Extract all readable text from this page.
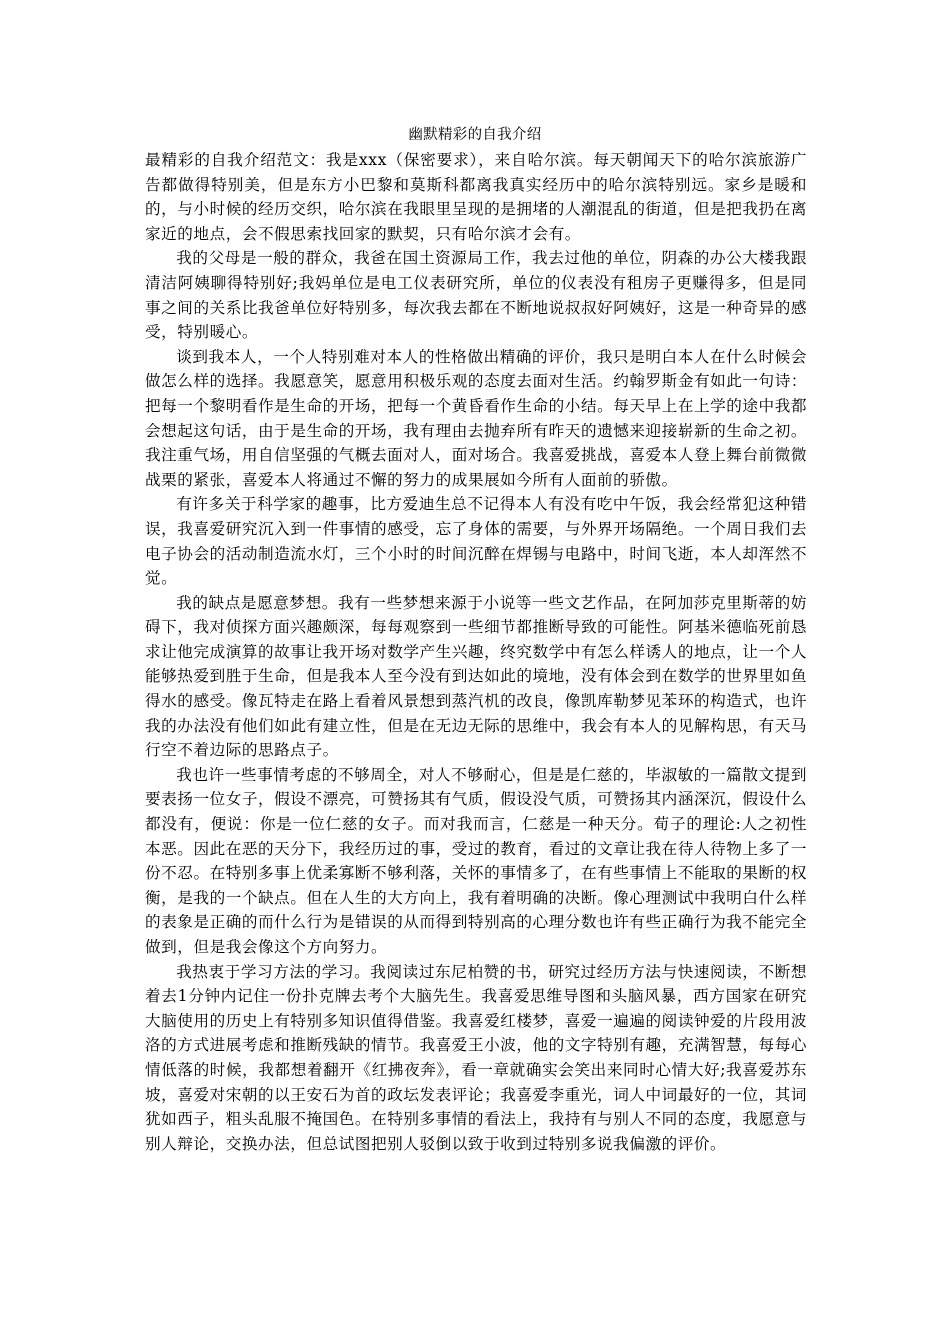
幽默精彩的自我介绍

最精彩的自我介绍范文：我是xxx（保密要求），来自哈尔滨。每天朝闻天下的哈尔滨旅游广告都做得特别美，但是东方小巴黎和莫斯科都离我真实经历中的哈尔滨特别远。家乡是暖和的，与小时候的经历交织，哈尔滨在我眼里呈现的是拥堵的人潮混乱的街道，但是把我扔在离家近的地点，会不假思索找回家的默契，只有哈尔滨才会有。

我的父母是一般的群众，我爸在国土资源局工作，我去过他的单位，阴森的办公大楼我跟清洁阿姨聊得特别好;我妈单位是电工仪表研究所，单位的仪表没有租房子更赚得多，但是同事之间的关系比我爸单位好特别多，每次我去都在不断地说叔叔好阿姨好，这是一种奇异的感受，特别暖心。

谈到我本人，一个人特别难对本人的性格做出精确的评价，我只是明白本人在什么时候会做怎么样的选择。我愿意笑，愿意用积极乐观的态度去面对生活。约翰罗斯金有如此一句诗：把每一个黎明看作是生命的开场，把每一个黄昏看作生命的小结。每天早上在上学的途中我都会想起这句话，由于是生命的开场，我有理由去抛弃所有昨天的遗憾来迎接崭新的生命之初。我注重气场，用自信坚强的气概去面对人，面对场合。我喜爱挑战，喜爱本人登上舞台前微微战栗的紧张，喜爱本人将通过不懈的努力的成果展如今所有人面前的骄傲。

有许多关于科学家的趣事，比方爱迪生总不记得本人有没有吃中午饭，我会经常犯这种错误，我喜爱研究沉入到一件事情的感受，忘了身体的需要，与外界开场隔绝。一个周日我们去电子协会的活动制造流水灯，三个小时的时间沉醉在焊锡与电路中，时间飞逝，本人却浑然不觉。

我的缺点是愿意梦想。我有一些梦想来源于小说等一些文艺作品，在阿加莎克里斯蒂的妨碍下，我对侦探方面兴趣颇深，每每观察到一些细节都推断导致的可能性。阿基米德临死前恳求让他完成演算的故事让我开场对数学产生兴趣，终究数学中有怎么样诱人的地点，让一个人能够热爱到胜于生命，但是我本人至今没有到达如此的境地，没有体会到在数学的世界里如鱼得水的感受。像瓦特走在路上看着风景想到蒸汽机的改良，像凯库勒梦见苯环的构造式，也许我的办法没有他们如此有建立性，但是在无边无际的思维中，我会有本人的见解构思，有天马行空不着边际的思路点子。

我也许一些事情考虑的不够周全，对人不够耐心，但是是仁慈的，毕淑敏的一篇散文提到要表扬一位女子，假设不漂亮，可赞扬其有气质，假设没气质，可赞扬其内涵深沉，假设什么都没有，便说：你是一位仁慈的女子。而对我而言，仁慈是一种天分。荀子的理论:人之初性本恶。因此在恶的天分下，我经历过的事，受过的教育，看过的文章让我在待人待物上多了一份不忍。在特别多事上优柔寡断不够利落，关怀的事情多了，在有些事情上不能取的果断的权衡，是我的一个缺点。但在人生的大方向上，我有着明确的决断。像心理测试中我明白什么样的表象是正确的而什么行为是错误的从而得到特别高的心理分数也许有些正确行为我不能完全做到，但是我会像这个方向努力。

我热衷于学习方法的学习。我阅读过东尼柏赞的书，研究过经历方法与快速阅读，不断想着去1分钟内记住一份扑克牌去考个大脑先生。我喜爱思维导图和头脑风暴，西方国家在研究大脑使用的历史上有特别多知识值得借鉴。我喜爱红楼梦，喜爱一遍遍的阅读钟爱的片段用波洛的方式进展考虑和推断残缺的情节。我喜爱王小波，他的文字特别有趣，充满智慧，每每心情低落的时候，我都想着翻开《红拂夜奔》，看一章就确实会笑出来同时心情大好;我喜爱苏东坡，喜爱对宋朝的以王安石为首的政坛发表评论；我喜爱李重光，词人中词最好的一位，其词犹如西子，粗头乱服不掩国色。在特别多事情的看法上，我持有与别人不同的态度，我愿意与别人辩论，交换办法，但总试图把别人驳倒以致于收到过特别多说我偏激的评价。
